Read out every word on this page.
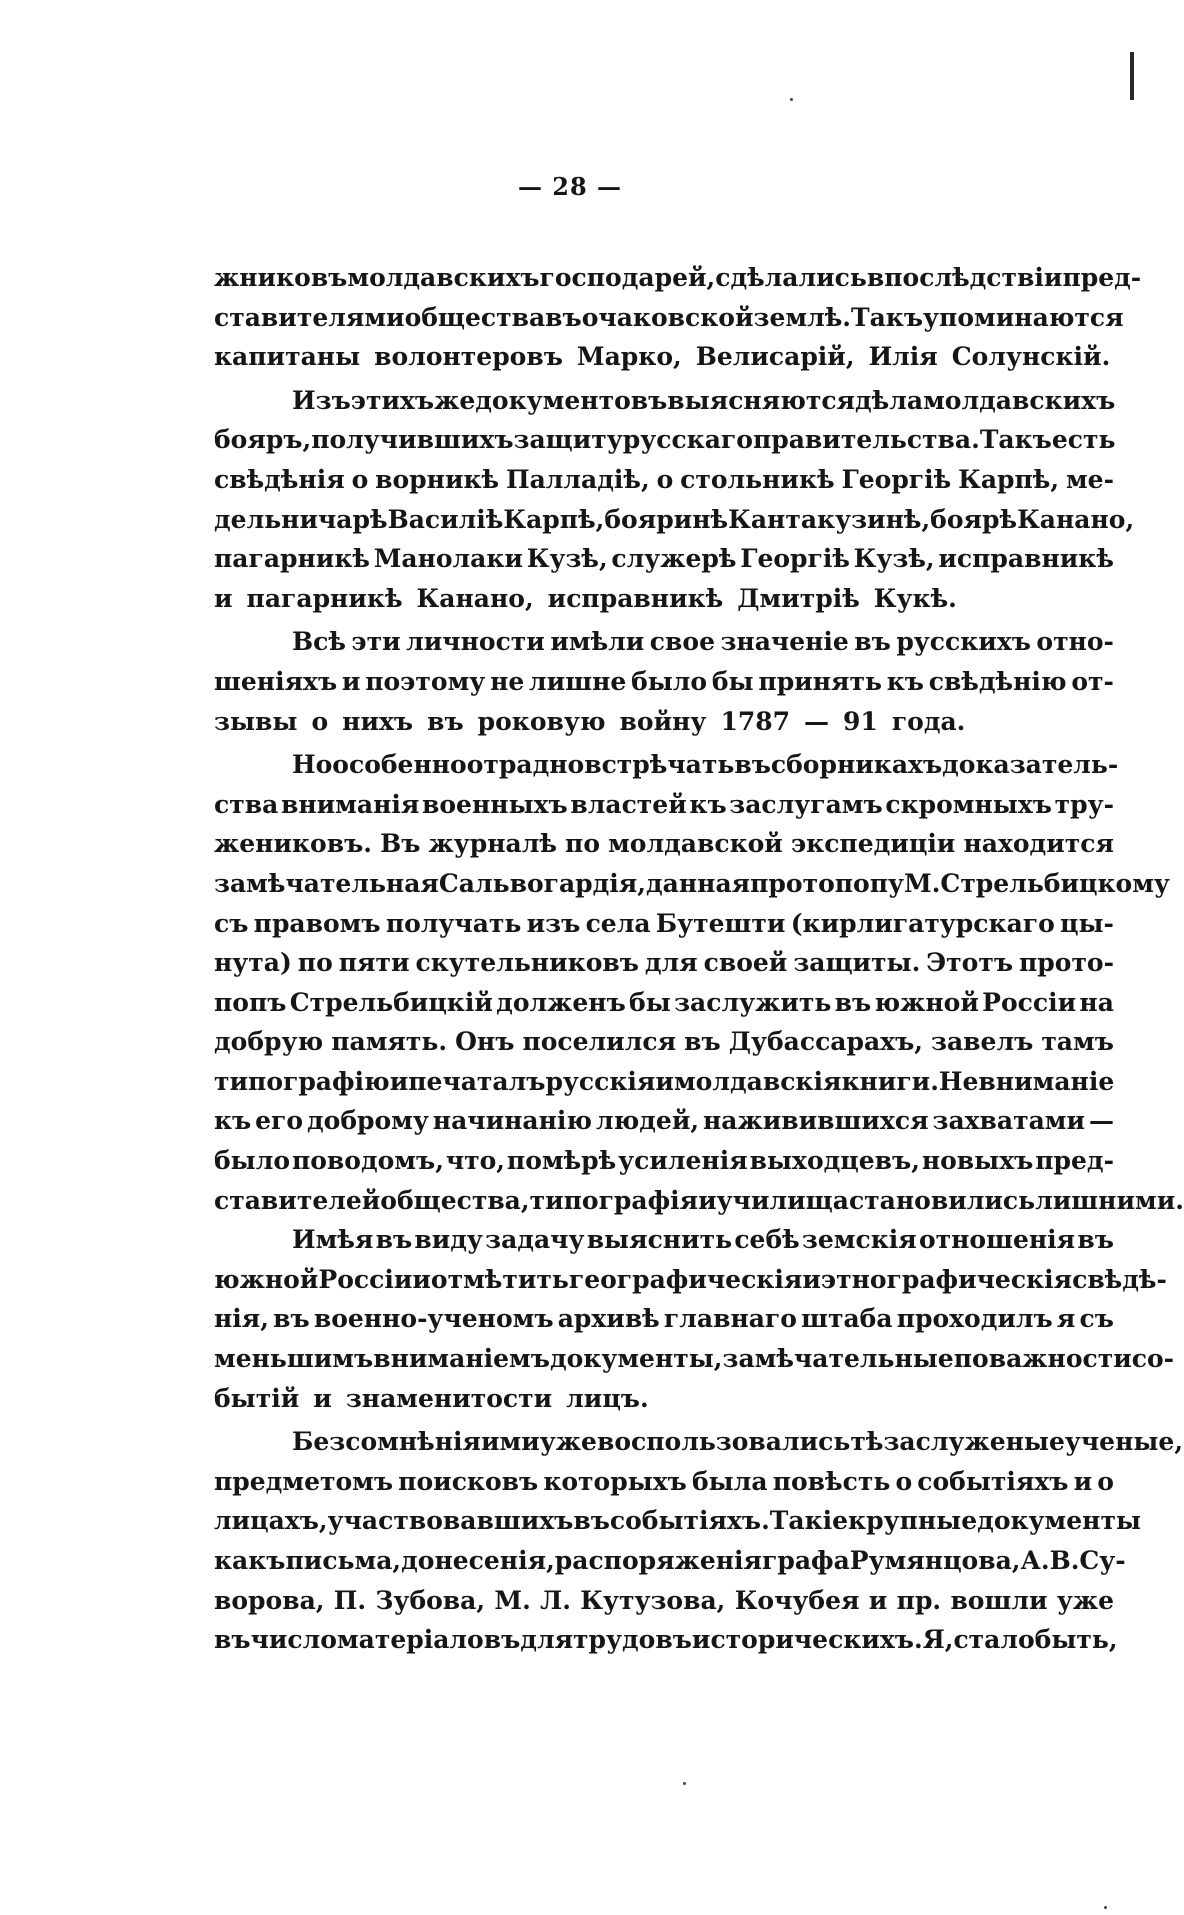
— 28 —
жниковъ молдавскихъ господарей, сдѣлались впослѣдствіи пред-
ставителями общества въ очаковской землѣ. Такъ упоминаются
капитаны волонтеровъ Марко, Велисарій, Илія Солунскій.
Изъ этихъ же документовъ выясняются дѣла молдавскихъ
бояръ, получившихъ защиту русскаго правительства. Такъ есть
свѣдѣнія о ворникѣ Палладіѣ, о стольникѣ Георгіѣ Карпѣ, ме-
дельничарѣ Василіѣ Карпѣ, бояринѣ Кантакузинѣ, боярѣ Канано,
пагарникѣ Манолаки Кузѣ, служерѣ Георгіѣ Кузѣ, исправникѣ
и пагарникѣ Канано, исправникѣ Дмитріѣ Кукѣ.
Всѣ эти личности имѣли свое значеніе въ русскихъ отно-
шеніяхъ и поэтому не лишне было бы принять къ свѣдѣнію от-
зывы о нихъ въ роковую войну 1787 — 91 года.
Но особенно отрадно встрѣчать въ сборникахъ доказатель-
ства вниманія военныхъ властей къ заслугамъ скромныхъ тру-
жениковъ. Въ журналѣ по молдавской экспедиціи находится
замѣчательная Сальвогардія, данная протопопу М. Стрельбицкому
съ правомъ получать изъ села Бутешти (кирлигатурскаго цы-
нута) по пяти скутельниковъ для своей защиты. Этотъ прото-
попъ Стрельбицкій долженъ бы заслужить въ южной Россіи на
добрую память. Онъ поселился въ Дубассарахъ, завелъ тамъ
типографію и печаталъ русскія и молдавскія книги. Невниманіе
къ его доброму начинанію людей, наживившихся захватами —
было поводомъ, что, помѣрѣ усиленія выходцевъ, новыхъ пред-
ставителей общества, типографія и училища становились лишними.
Имѣя въ виду задачу выяснить себѣ земскія отношенія въ
южной Россіи и отмѣтить географическія и этнографическія свѣдѣ-
нія, въ военно-ученомъ архивѣ главнаго штаба проходилъ я съ
меньшимъ вниманіемъ документы, замѣчательные по важности со-
бытій и знаменитости лицъ.
Безсомнѣнія ими уже воспользовались тѣ заслуженые ученые,
предметомъ поисковъ которыхъ была повѣсть о событіяхъ и о
лицахъ, участвовавшихъ въ событіяхъ. Такіе крупные документы
какъ письма, донесенія, распоряженія графа Румянцова, А. В. Су-
ворова, П. Зубова, М. Л. Кутузова, Кочубея и пр. вошли уже
въ число матеріаловъ для трудовъ историческихъ. Я, стало быть,
